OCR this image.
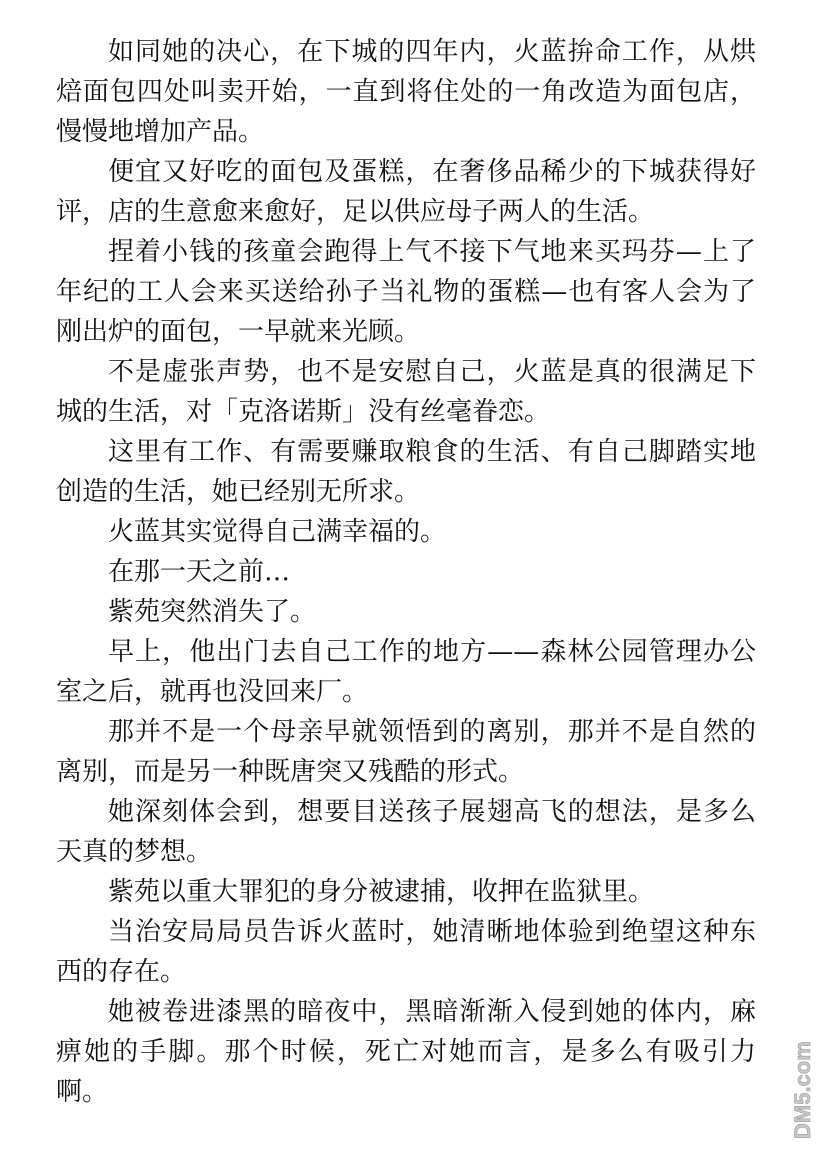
如同她的决心，在下城的四年内，火蓝拚命工作，从烘焙面包四处叫卖开始，一直到将住处的一角改造为面包店，慢慢地增加产品。

便宜又好吃的面包及蛋糕，在奢侈品稀少的下城获得好评，店的生意愈来愈好，足以供应母子两人的生活。

捏着小钱的孩童会跑得上气不接下气地来买玛芬—上了年纪的工人会来买送给孙子当礼物的蛋糕—也有客人会为了刚出炉的面包，一早就来光顾。

不是虚张声势，也不是安慰自己，火蓝是真的很满足下城的生活，对「克洛诺斯」没有丝毫眷恋。

这里有工作、有需要赚取粮食的生活、有自己脚踏实地创造的生活，她已经别无所求。

火蓝其实觉得自己满幸福的。

在那一天之前…

紫苑突然消失了。

早上，他出门去自己工作的地方——森林公园管理办公室之后，就再也没回来厂。

那并不是一个母亲早就领悟到的离别，那并不是自然的离别，而是另一种既唐突又残酷的形式。

她深刻体会到，想要目送孩子展翅高飞的想法，是多么天真的梦想。

紫苑以重大罪犯的身分被逮捕，收押在监狱里。

当治安局局员告诉火蓝时，她清晰地体验到绝望这种东西的存在。

她被卷进漆黑的暗夜中，黑暗渐渐入侵到她的体内，麻痹她的手脚。那个时候，死亡对她而言，是多么有吸引力啊。	DM5.com
